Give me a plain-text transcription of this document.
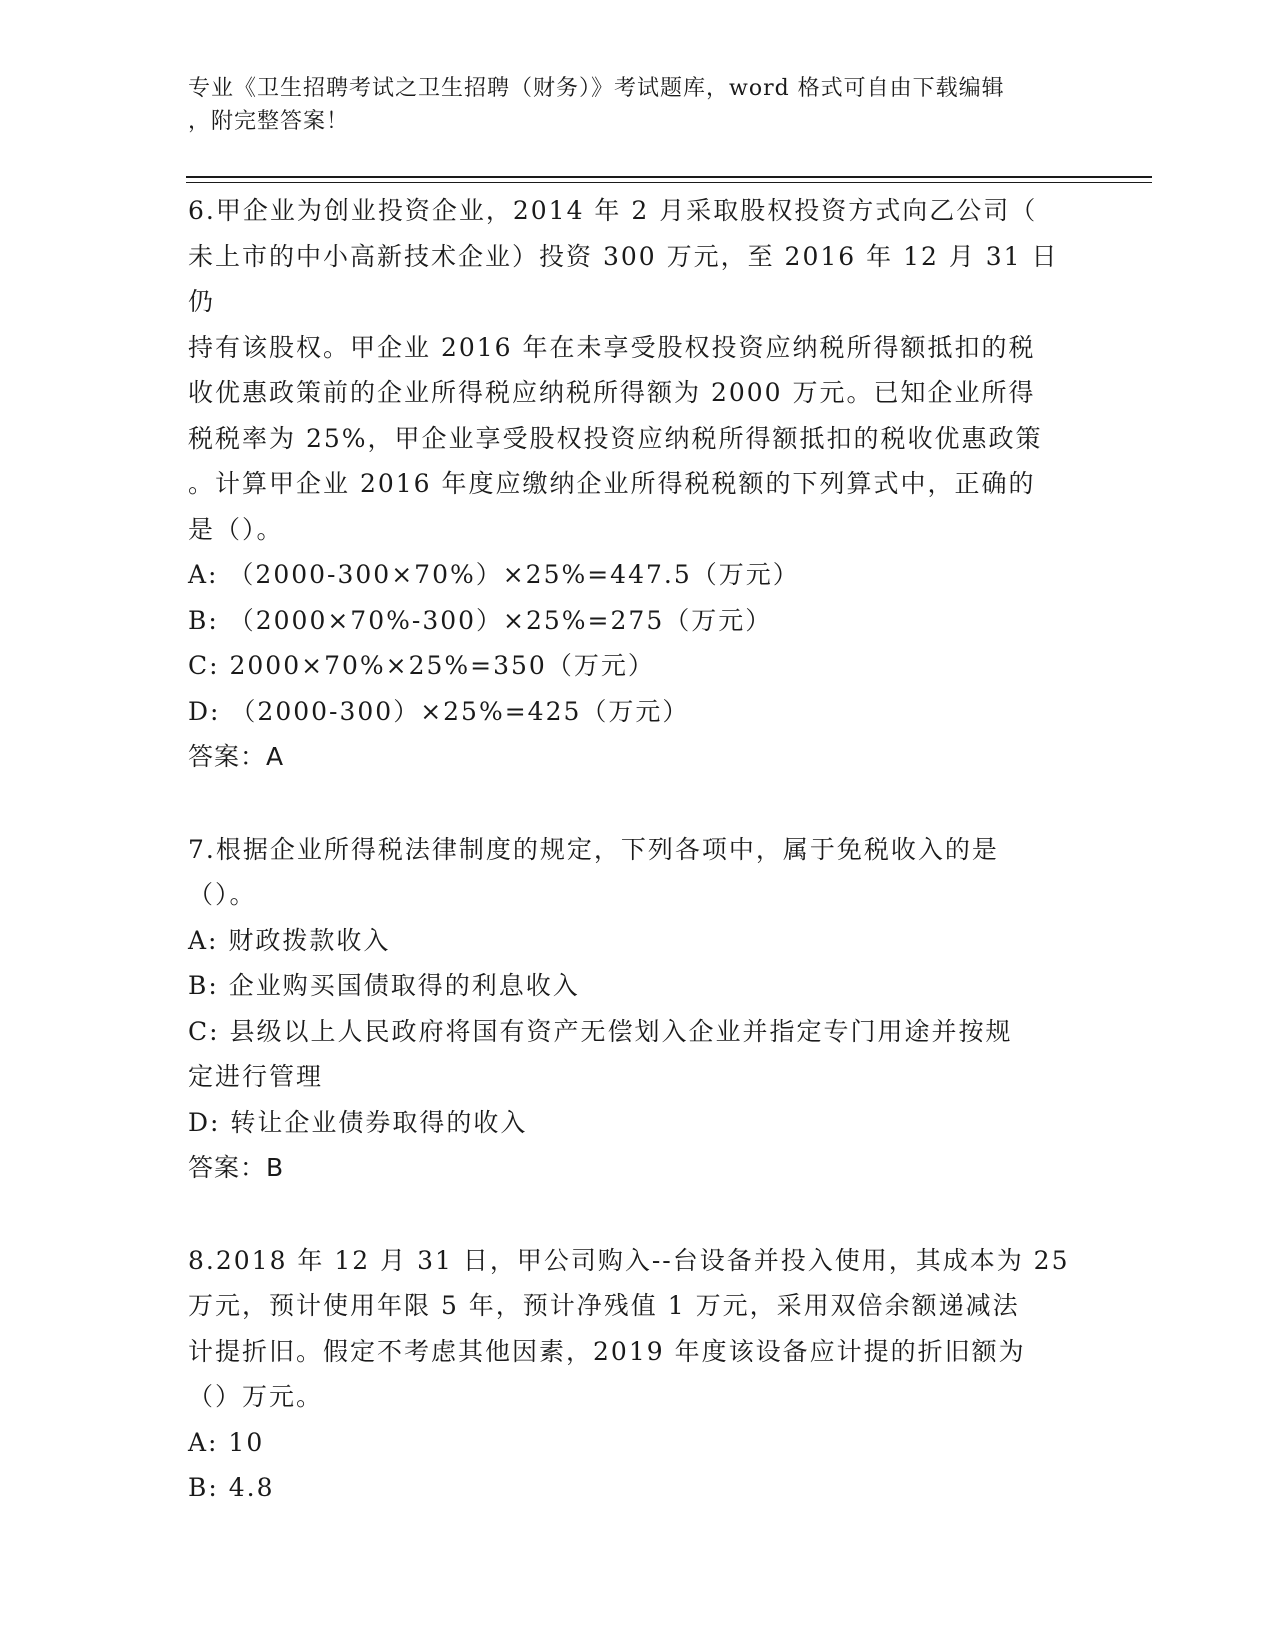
专业《卫生招聘考试之卫生招聘（财务）》考试题库，word 格式可自由下载编辑
，附完整答案！

6.甲企业为创业投资企业，2014 年 2 月采取股权投资方式向乙公司（

未上市的中小高新技术企业）投资 300 万元，至 2016 年 12 月 31 日仍

持有该股权。甲企业 2016 年在未享受股权投资应纳税所得额抵扣的税

收优惠政策前的企业所得税应纳税所得额为 2000 万元。已知企业所得

税税率为 25%，甲企业享受股权投资应纳税所得额抵扣的税收优惠政策

。计算甲企业 2016 年度应缴纳企业所得税税额的下列算式中，正确的

是（）。

A: （2000-300×70%）×25%=447.5（万元）

B: （2000×70%-300）×25%=275（万元）

C: 2000×70%×25%=350（万元）

D: （2000-300）×25%=425（万元）

答案：A

7.根据企业所得税法律制度的规定，下列各项中，属于免税收入的是

（）。

A: 财政拨款收入

B: 企业购买国债取得的利息收入

C: 县级以上人民政府将国有资产无偿划入企业并指定专门用途并按规

定进行管理

D: 转让企业债券取得的收入

答案：B

8.2018 年 12 月 31 日，甲公司购入--台设备并投入使用，其成本为 25

万元，预计使用年限 5 年，预计净残值 1 万元，采用双倍余额递减法

计提折旧。假定不考虑其他因素，2019 年度该设备应计提的折旧额为

（）万元。

A: 10

B: 4.8
